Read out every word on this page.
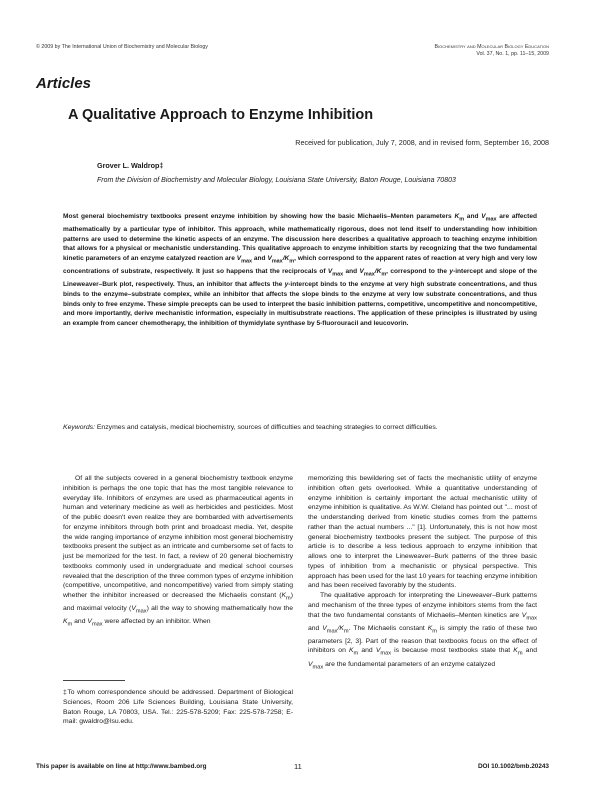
© 2009 by The International Union of Biochemistry and Molecular Biology	Biochemistry and Molecular Biology Education
Vol. 37, No. 1, pp. 11–15, 2009
Articles
A Qualitative Approach to Enzyme Inhibition
Received for publication, July 7, 2008, and in revised form, September 16, 2008
Grover L. Waldrop‡
From the Division of Biochemistry and Molecular Biology, Louisiana State University, Baton Rouge, Louisiana 70803

Most general biochemistry textbooks present enzyme inhibition by showing how the basic Michaelis–Menten parameters $K_m$ and $V_{max}$ are affected mathematically by a particular type of inhibitor. This approach, while mathematically rigorous, does not lend itself to understanding how inhibition patterns are used to determine the kinetic aspects of an enzyme. The discussion here describes a qualitative approach to teaching enzyme inhibition that allows for a physical or mechanistic understanding. This qualitative approach to enzyme inhibition starts by recognizing that the two fundamental kinetic parameters of an enzyme catalyzed reaction are $V_{max}$ and $V_{max}/K_m$, which correspond to the apparent rates of reaction at very high and very low concentrations of substrate, respectively. It just so happens that the reciprocals of $V_{max}$ and $V_{max}/K_m$, correspond to the y-intercept and slope of the Lineweaver–Burk plot, respectively. Thus, an inhibitor that affects the y-intercept binds to the enzyme at very high substrate concentrations, and thus binds to the enzyme–substrate complex, while an inhibitor that affects the slope binds to the enzyme at very low substrate concentrations, and thus binds only to free enzyme. These simple precepts can be used to interpret the basic inhibition patterns, competitive, uncompetitive and noncompetitive, and more importantly, derive mechanistic information, especially in multisubstrate reactions. The application of these principles is illustrated by using an example from cancer chemotherapy, the inhibition of thymidylate synthase by 5-fluorouracil and leucovorin.

Keywords: Enzymes and catalysis, medical biochemistry, sources of difficulties and teaching strategies to correct difficulties.

Of all the subjects covered in a general biochemistry textbook enzyme inhibition is perhaps the one topic that has the most tangible relevance to everyday life. Inhibitors of enzymes are used as pharmaceutical agents in human and veterinary medicine as well as herbicides and pesticides. Most of the public doesn't even realize they are bombarded with advertisements for enzyme inhibitors through both print and broadcast media. Yet, despite the wide ranging importance of enzyme inhibition most general biochemistry textbooks present the subject as an intricate and cumbersome set of facts to just be memorized for the test. In fact, a review of 20 general biochemistry textbooks commonly used in undergraduate and medical school courses revealed that the description of the three common types of enzyme inhibition (competitive, uncompetitive, and noncompetitive) varied from simply stating whether the inhibitor increased or decreased the Michaelis constant $(K_m)$ and maximal velocity $(V_{max})$ all the way to showing mathematically how the $K_m$ and $V_{max}$ were affected by an inhibitor. When

memorizing this bewildering set of facts the mechanistic utility of enzyme inhibition often gets overlooked. While a quantitative understanding of enzyme inhibition is certainly important the actual mechanistic utility of enzyme inhibition is qualitative. As W.W. Cleland has pointed out "... most of the understanding derived from kinetic studies comes from the patterns rather than the actual numbers ..." [1]. Unfortunately, this is not how most general biochemistry textbooks present the subject. The purpose of this article is to describe a less tedious approach to enzyme inhibition that allows one to interpret the Lineweaver–Burk patterns of the three basic types of inhibition from a mechanistic or physical perspective. This approach has been used for the last 10 years for teaching enzyme inhibition and has been received favorably by the students.

The qualitative approach for interpreting the Lineweaver–Burk patterns and mechanism of the three types of enzyme inhibitors stems from the fact that the two fundamental constants of Michaelis–Menten kinetics are $V_{max}$ and $V_{max}/K_m$. The Michaelis constant $K_m$ is simply the ratio of these two parameters [2, 3]. Part of the reason that textbooks focus on the effect of inhibitors on $K_m$ and $V_{max}$ is because most textbooks state that $K_m$ and $V_{max}$ are the fundamental parameters of an enzyme catalyzed

‡To whom correspondence should be addressed. Department of Biological Sciences, Room 206 Life Sciences Building, Louisiana State University, Baton Rouge, LA 70803, USA. Tel.: 225-578-5209; Fax: 225-578-7258; E-mail: gwaldro@lsu.edu.

This paper is available on line at http://www.bambed.org	11	DOI 10.1002/bmb.20243
